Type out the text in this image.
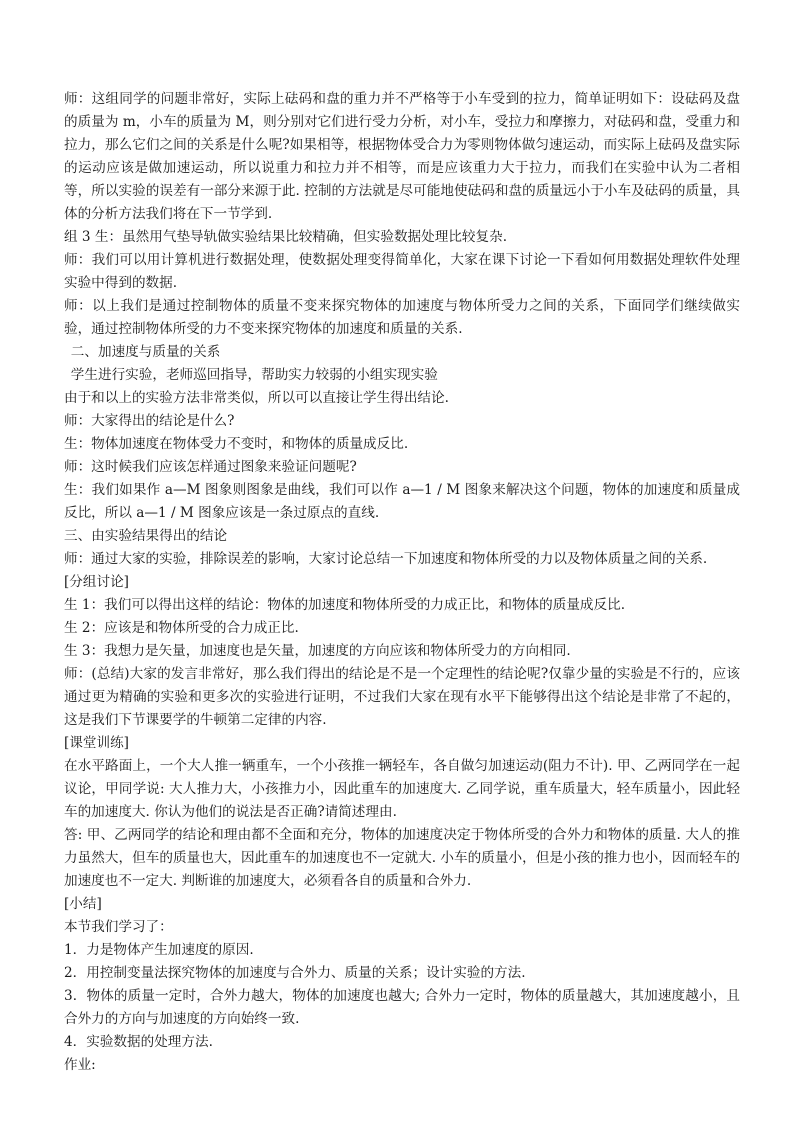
师：这组同学的问题非常好，实际上砝码和盘的重力并不严格等于小车受到的拉力，简单证明如下：设砝码及盘的质量为 m，小车的质量为 M，则分别对它们进行受力分析，对小车，受拉力和摩擦力，对砝码和盘，受重力和拉力，那么它们之间的关系是什么呢?如果相等，根据物体受合力为零则物体做匀速运动，而实际上砝码及盘实际的运动应该是做加速运动，所以说重力和拉力并不相等，而是应该重力大于拉力，而我们在实验中认为二者相等，所以实验的误差有一部分来源于此. 控制的方法就是尽可能地使砝码和盘的质量远小于小车及砝码的质量，具体的分析方法我们将在下一节学到.

组 3 生：虽然用气垫导轨做实验结果比较精确，但实验数据处理比较复杂.

师：我们可以用计算机进行数据处理，使数据处理变得简单化，大家在课下讨论一下看如何用数据处理软件处理实验中得到的数据.

师：以上我们是通过控制物体的质量不变来探究物体的加速度与物体所受力之间的关系，下面同学们继续做实验，通过控制物体所受的力不变来探究物体的加速度和质量的关系.

二、加速度与质量的关系

学生进行实验，老师巡回指导，帮助实力较弱的小组实现实验

由于和以上的实验方法非常类似，所以可以直接让学生得出结论.

师：大家得出的结论是什么?

生：物体加速度在物体受力不变时，和物体的质量成反比.

师：这时候我们应该怎样通过图象来验证问题呢?

生：我们如果作 a—M 图象则图象是曲线，我们可以作 a—1 / M 图象来解决这个问题，物体的加速度和质量成反比，所以 a—1 / M 图象应该是一条过原点的直线.

三、由实验结果得出的结论

师：通过大家的实验，排除误差的影响，大家讨论总结一下加速度和物体所受的力以及物体质量之间的关系.

[分组讨论]

生 1：我们可以得出这样的结论：物体的加速度和物体所受的力成正比，和物体的质量成反比.

生 2：应该是和物体所受的合力成正比.

生 3：我想力是矢量，加速度也是矢量，加速度的方向应该和物体所受力的方向相同.

师：(总结)大家的发言非常好，那么我们得出的结论是不是一个定理性的结论呢?仅靠少量的实验是不行的，应该通过更为精确的实验和更多次的实验进行证明，不过我们大家在现有水平下能够得出这个结论是非常了不起的，这是我们下节课要学的牛顿第二定律的内容.

[课堂训练]

在水平路面上，一个大人推一辆重车，一个小孩推一辆轻车，各自做匀加速运动(阻力不计). 甲、乙两同学在一起议论，甲同学说: 大人推力大，小孩推力小，因此重车的加速度大. 乙同学说，重车质量大，轻车质量小，因此轻车的加速度大. 你认为他们的说法是否正确?请简述理由.

答: 甲、乙两同学的结论和理由都不全面和充分，物体的加速度决定于物体所受的合外力和物体的质量. 大人的推力虽然大，但车的质量也大，因此重车的加速度也不一定就大. 小车的质量小，但是小孩的推力也小，因而轻车的加速度也不一定大. 判断谁的加速度大，必须看各自的质量和合外力.

[小结]

本节我们学习了：

1．力是物体产生加速度的原因.

2．用控制变量法探究物体的加速度与合外力、质量的关系；设计实验的方法.

3．物体的质量一定时，合外力越大，物体的加速度也越大; 合外力一定时，物体的质量越大，其加速度越小，且合外力的方向与加速度的方向始终一致.

4．实验数据的处理方法.

作业:
